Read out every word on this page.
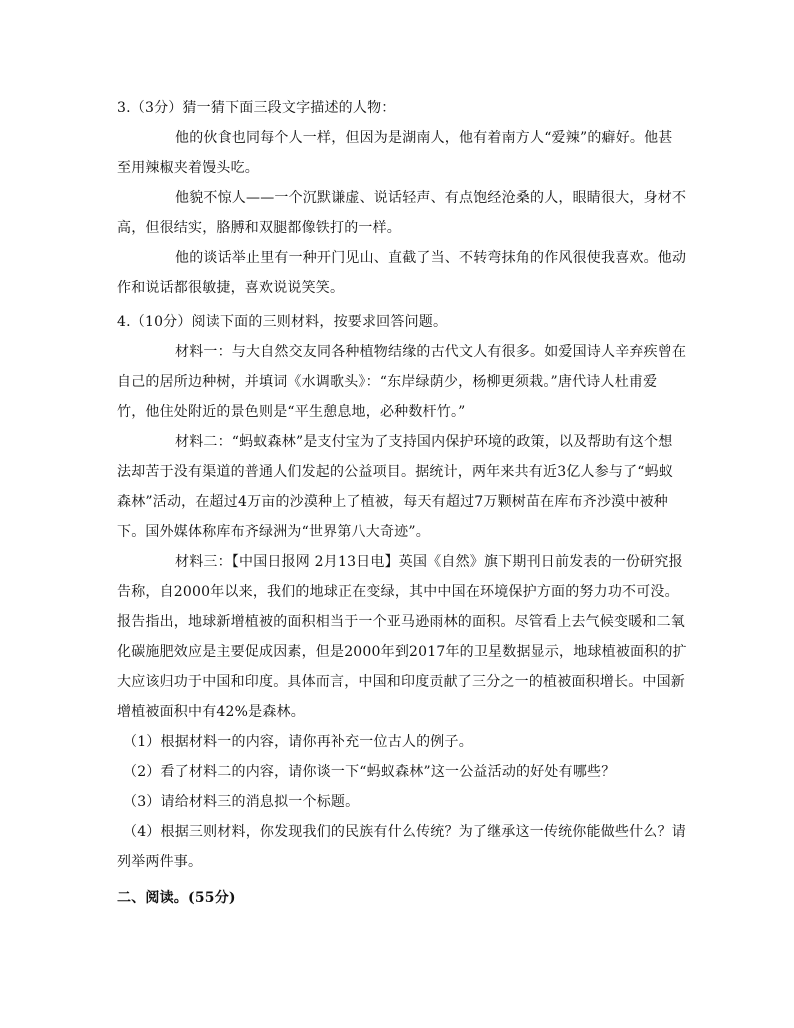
3.（3分）猜一猜下面三段文字描述的人物：
他的伙食也同每个人一样，但因为是湖南人，他有着南方人“爱辣”的癖好。他甚
至用辣椒夹着馒头吃。
他貌不惊人——一个沉默谦虚、说话轻声、有点饱经沧桑的人，眼睛很大，身材不
高，但很结实，胳膊和双腿都像铁打的一样。
他的谈话举止里有一种开门见山、直截了当、不转弯抹角的作风很使我喜欢。他动
作和说话都很敏捷，喜欢说说笑笑。
4.（10分）阅读下面的三则材料，按要求回答问题。
材料一：与大自然交友同各种植物结缘的古代文人有很多。如爱国诗人辛弃疾曾在
自己的居所边种树，并填词《水调歌头》：“东岸绿荫少，杨柳更须栽。”唐代诗人杜甫爱
竹，他住处附近的景色则是“平生憩息地，必种数杆竹。”
材料二：“蚂蚁森林”是支付宝为了支持国内保护环境的政策，以及帮助有这个想
法却苦于没有渠道的普通人们发起的公益项目。据统计，两年来共有近3亿人参与了“蚂蚁
森林”活动，在超过4万亩的沙漠种上了植被，每天有超过7万颗树苗在库布齐沙漠中被种
下。国外媒体称库布齐绿洲为“世界第八大奇迹”。
材料三：【中国日报网 2月13日电】英国《自然》旗下期刊日前发表的一份研究报
告称，自2000年以来，我们的地球正在变绿，其中中国在环境保护方面的努力功不可没。
报告指出，地球新增植被的面积相当于一个亚马逊雨林的面积。尽管看上去气候变暖和二氧
化碳施肥效应是主要促成因素，但是2000年到2017年的卫星数据显示，地球植被面积的扩
大应该归功于中国和印度。具体而言，中国和印度贡献了三分之一的植被面积增长。中国新
增植被面积中有42%是森林。
（1）根据材料一的内容，请你再补充一位古人的例子。
（2）看了材料二的内容，请你谈一下“蚂蚁森林”这一公益活动的好处有哪些？
（3）请给材料三的消息拟一个标题。
（4）根据三则材料，你发现我们的民族有什么传统？为了继承这一传统你能做些什么？请
列举两件事。
二、阅读。(55分)
